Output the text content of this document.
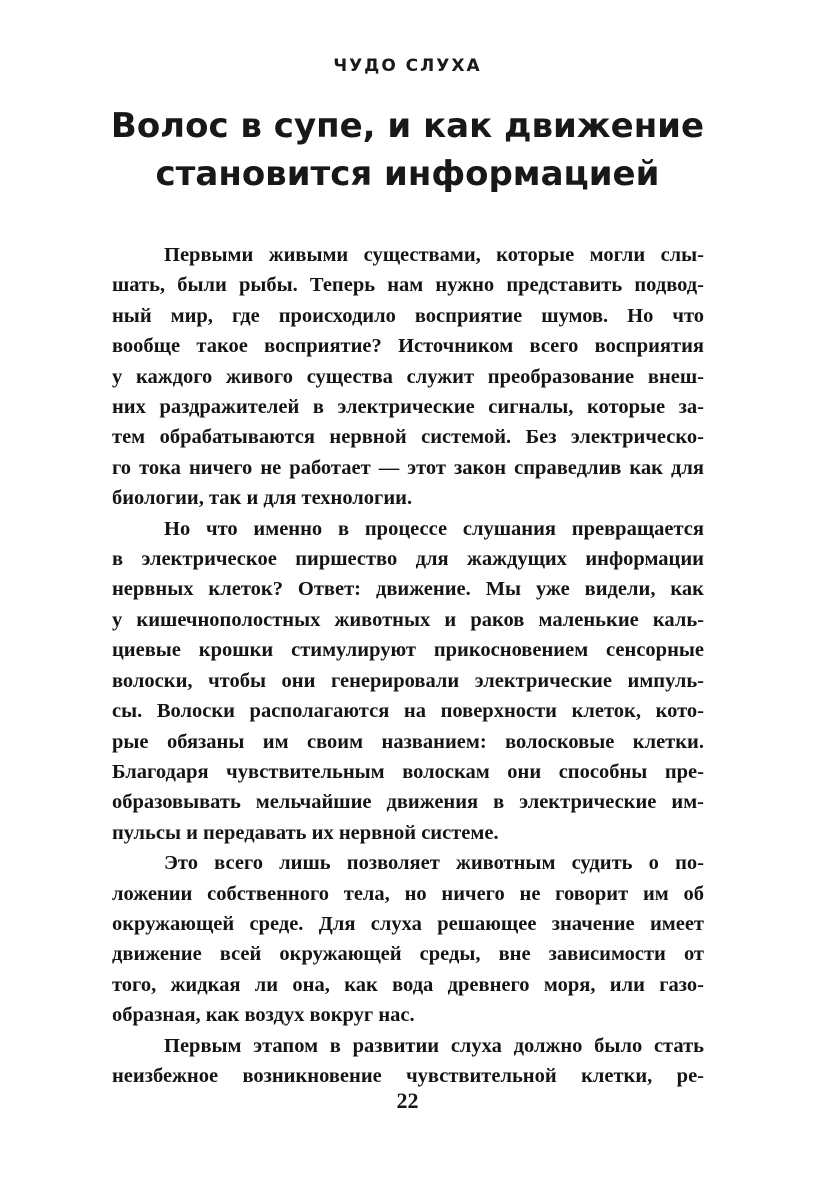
ЧУДО СЛУХА
Волос в супе, и как движение
становится информацией
Первыми живыми существами, которые могли слы-
шать, были рыбы. Теперь нам нужно представить подвод-
ный мир, где происходило восприятие шумов. Но что
вообще такое восприятие? Источником всего восприятия
у каждого живого существа служит преобразование внеш-
них раздражителей в электрические сигналы, которые за-
тем обрабатываются нервной системой. Без электрическо-
го тока ничего не работает — этот закон справедлив как для
биологии, так и для технологии.
Но что именно в процессе слушания превращается
в электрическое пиршество для жаждущих информации
нервных клеток? Ответ: движение. Мы уже видели, как
у кишечнополостных животных и раков маленькие каль-
циевые крошки стимулируют прикосновением сенсорные
волоски, чтобы они генерировали электрические импуль-
сы. Волоски располагаются на поверхности клеток, кото-
рые обязаны им своим названием: волосковые клетки.
Благодаря чувствительным волоскам они способны пре-
образовывать мельчайшие движения в электрические им-
пульсы и передавать их нервной системе.
Это всего лишь позволяет животным судить о по-
ложении собственного тела, но ничего не говорит им об
окружающей среде. Для слуха решающее значение имеет
движение всей окружающей среды, вне зависимости от
того, жидкая ли она, как вода древнего моря, или газо-
образная, как воздух вокруг нас.
Первым этапом в развитии слуха должно было стать
неизбежное возникновение чувствительной клетки, ре-
22
